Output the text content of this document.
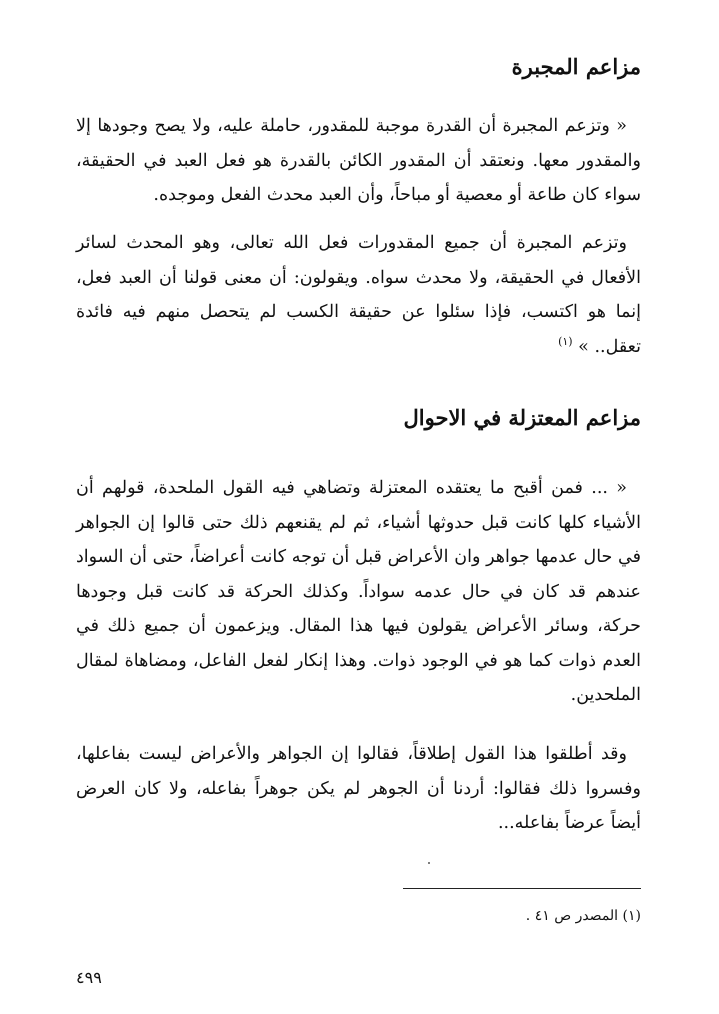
مزاعم المجبرة
« وتزعم المجبرة أن القدرة موجبة للمقدور، حاملة عليه، ولا يصح وجودها إلا والمقدور معها. ونعتقد أن المقدور الكائن بالقدرة هو فعل العبد في الحقيقة، سواء كان طاعة أو معصية أو مباحاً، وأن العبد محدث الفعل وموجده.
وتزعم المجبرة أن جميع المقدورات فعل الله تعالى، وهو المحدث لسائر الأفعال في الحقيقة، ولا محدث سواه. ويقولون: أن معنى قولنا أن العبد فعل، إنما هو اكتسب، فإذا سئلوا عن حقيقة الكسب لم يتحصل منهم فيه فائدة تعقل.. » $^{(١)}$
مزاعم المعتزلة في الاحوال
« ... فمن أقبح ما يعتقده المعتزلة وتضاهي فيه القول الملحدة، قولهم أن الأشياء كلها كانت قبل حدوثها أشياء، ثم لم يقنعهم ذلك حتى قالوا إن الجواهر في حال عدمها جواهر وان الأعراض قبل أن توجه كانت أعراضاً، حتى أن السواد عندهم قد كان في حال عدمه سواداً. وكذلك الحركة قد كانت قبل وجودها حركة، وسائر الأعراض يقولون فيها هذا المقال. ويزعمون أن جميع ذلك في العدم ذوات كما هو في الوجود ذوات. وهذا إنكار لفعل الفاعل، ومضاهاة لمقال الملحدين.
وقد أطلقوا هذا القول إطلاقاً، فقالوا إن الجواهر والأعراض ليست بفاعلها، وفسروا ذلك فقالوا: أردنا أن الجوهر لم يكن جوهراً بفاعله، ولا كان العرض أيضاً عرضاً بفاعله...
(١) المصدر ص ٤١ .
٤٩٩
